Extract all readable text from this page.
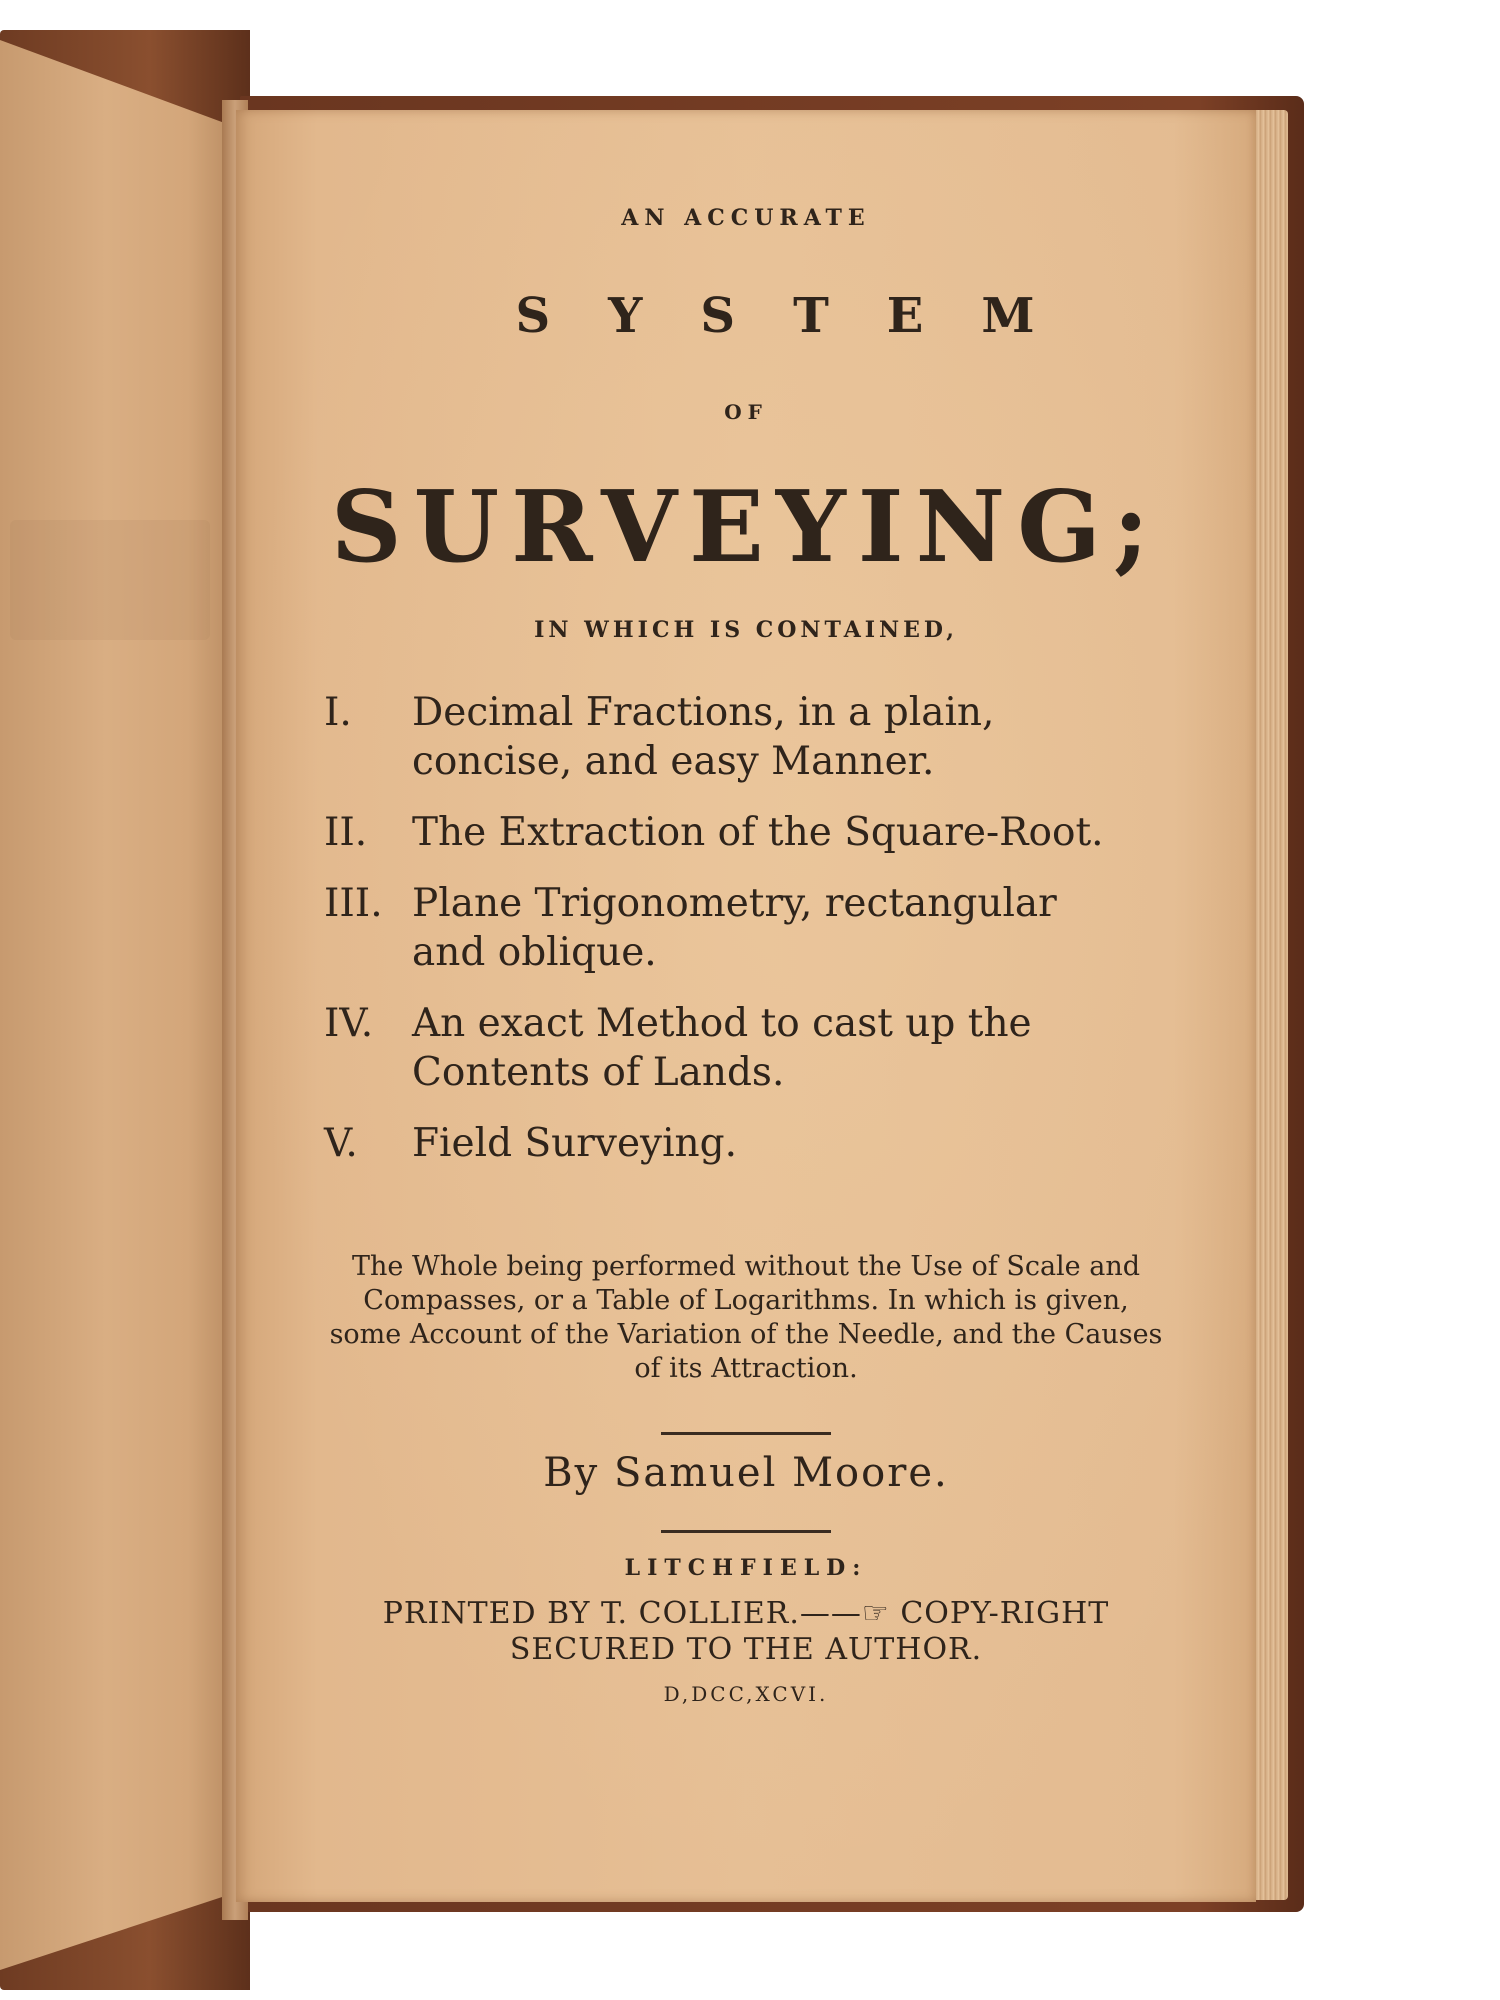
AN ACCURATE
SYSTEM
OF
SURVEYING;
IN WHICH IS CONTAINED,
I. Decimal Fractions, in a plain, concise, and easy Manner.
II. The Extraction of the Square-Root.
III. Plane Trigonometry, rectangular and oblique.
IV. An exact Method to cast up the Contents of Lands.
V. Field Surveying.
The Whole being performed without the Use of Scale and Compasses, or a Table of Logarithms. In which is given, some Account of the Variation of the Needle, and the Causes of its Attraction.
By Samuel Moore.
LITCHFIELD:
PRINTED BY T. COLLIER.——☞ COPY-RIGHT SECURED TO THE AUTHOR.
D,DCC,XCVI.
